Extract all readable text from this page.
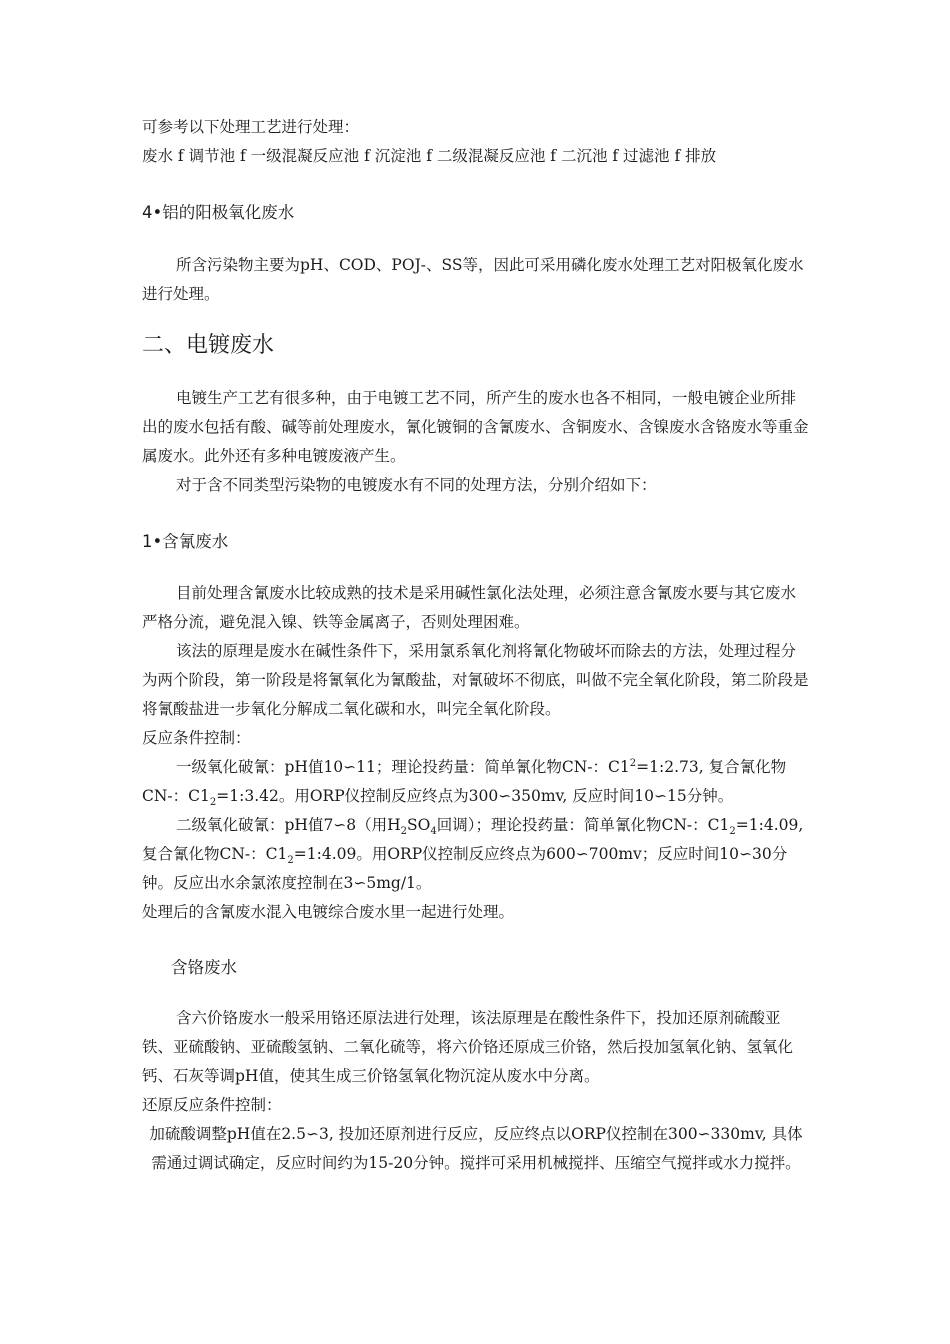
可参考以下处理工艺进行处理：
废水 f 调节池 f 一级混凝反应池 f 沉淀池 f 二级混凝反应池 f 二沉池 f 过滤池 f 排放
4•铝的阳极氧化废水
所含污染物主要为pH、COD、POJ-、SS等，因此可采用磷化废水处理工艺对阳极氧化废水进行处理。
二、电镀废水
电镀生产工艺有很多种，由于电镀工艺不同，所产生的废水也各不相同，一般电镀企业所排出的废水包括有酸、碱等前处理废水，氰化镀铜的含氰废水、含铜废水、含镍废水含铬废水等重金属废水。此外还有多种电镀废液产生。
对于含不同类型污染物的电镀废水有不同的处理方法，分别介绍如下：
1•含氰废水
目前处理含氰废水比较成熟的技术是采用碱性氯化法处理，必须注意含氰废水要与其它废水严格分流，避免混入镍、铁等金属离子，否则处理困难。
该法的原理是废水在碱性条件下，采用氯系氧化剂将氰化物破坏而除去的方法，处理过程分为两个阶段，第一阶段是将氰氧化为氰酸盐，对氰破坏不彻底，叫做不完全氧化阶段，第二阶段是将氰酸盐进一步氧化分解成二氧化碳和水，叫完全氧化阶段。
反应条件控制：
一级氧化破氰：pH值10∽11；理论投药量：简单氰化物CN-：$C1^2=1:2.73$, 复合氰化物CN-：$C1_2=1:3.42$。用ORP仪控制反应终点为300∽350mv, 反应时间10∽15分钟。
二级氧化破氰：pH值7∽8（用$H_2SO_4$回调）；理论投药量：简单氰化物CN-：$C1_2=1:4.09$, 复合氰化物CN-：$C1_2=1:4.09$。用ORP仪控制反应终点为600∽700mv；反应时间10∽30分钟。反应出水余氯浓度控制在3∽5mg/1。
处理后的含氰废水混入电镀综合废水里一起进行处理。
含铬废水
含六价铬废水一般采用铬还原法进行处理，该法原理是在酸性条件下，投加还原剂硫酸亚铁、亚硫酸钠、亚硫酸氢钠、二氧化硫等，将六价铬还原成三价铬，然后投加氢氧化钠、氢氧化钙、石灰等调pH值，使其生成三价铬氢氧化物沉淀从废水中分离。
还原反应条件控制：
加硫酸调整pH值在2.5∽3, 投加还原剂进行反应，反应终点以ORP仪控制在300∽330mv, 具体需通过调试确定，反应时间约为15-20分钟。搅拌可采用机械搅拌、压缩空气搅拌或水力搅拌。
